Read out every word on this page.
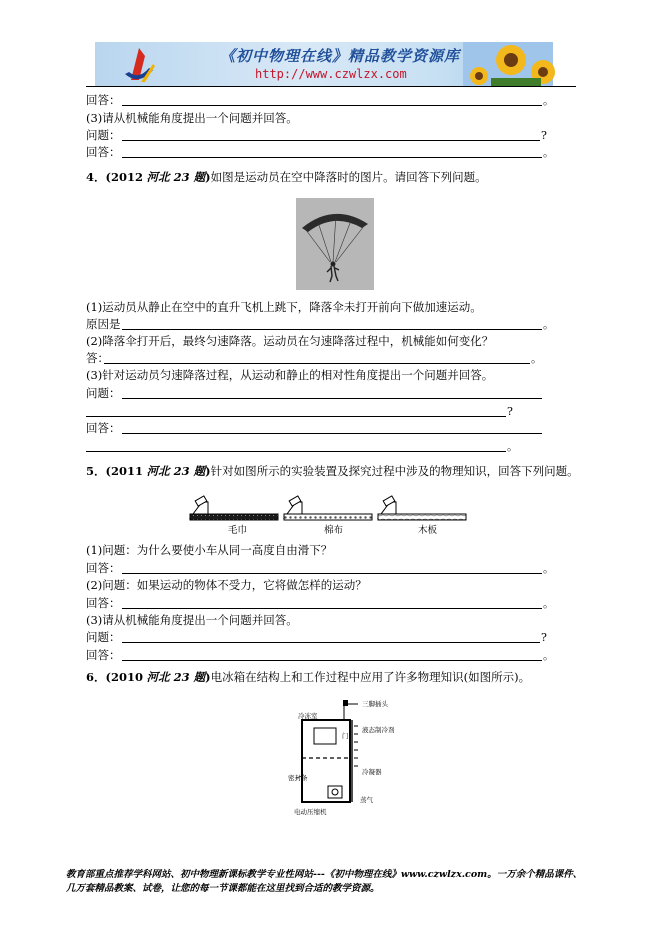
《初中物理在线》精品教学资源库
http://www.czwlzx.com
回答：	。
(3)请从机械能角度提出一个问题并回答。
问题：	?
回答：	。
4．(2012 河北 23 题)如图是运动员在空中降落时的图片。请回答下列问题。
(1)运动员从静止在空中的直升飞机上跳下，降落伞未打开前向下做加速运动。
原因是	。
(2)降落伞打开后，最终匀速降落。运动员在匀速降落过程中，机械能如何变化？
答：	。
(3)针对运动员匀速降落过程，从运动和静止的相对性角度提出一个问题并回答。
问题：
?
回答：
。
5．(2011 河北 23 题)针对如图所示的实验装置及探究过程中涉及的物理知识，回答下列问题。
毛巾	棉布	木板
(1)问题：为什么要使小车从同一高度自由滑下？
回答：	。
(2)问题：如果运动的物体不受力，它将做怎样的运动？
回答：	。
(3)请从机械能角度提出一个问题并回答。
问题：	?
回答：	。
6．(2010 河北 23 题)电冰箱在结构上和工作过程中应用了许多物理知识(如图所示)。
冷冻室
三脚插头
液态制冷剂
门
冷凝器
密封条
电动压缩机
蒸气
教育部重点推荐学科网站、初中物理新课标教学专业性网站---《初中物理在线》www.czwlzx.com。一万余个精品课件、
几万套精品教案、试卷，让您的每一节课都能在这里找到合适的教学资源。
